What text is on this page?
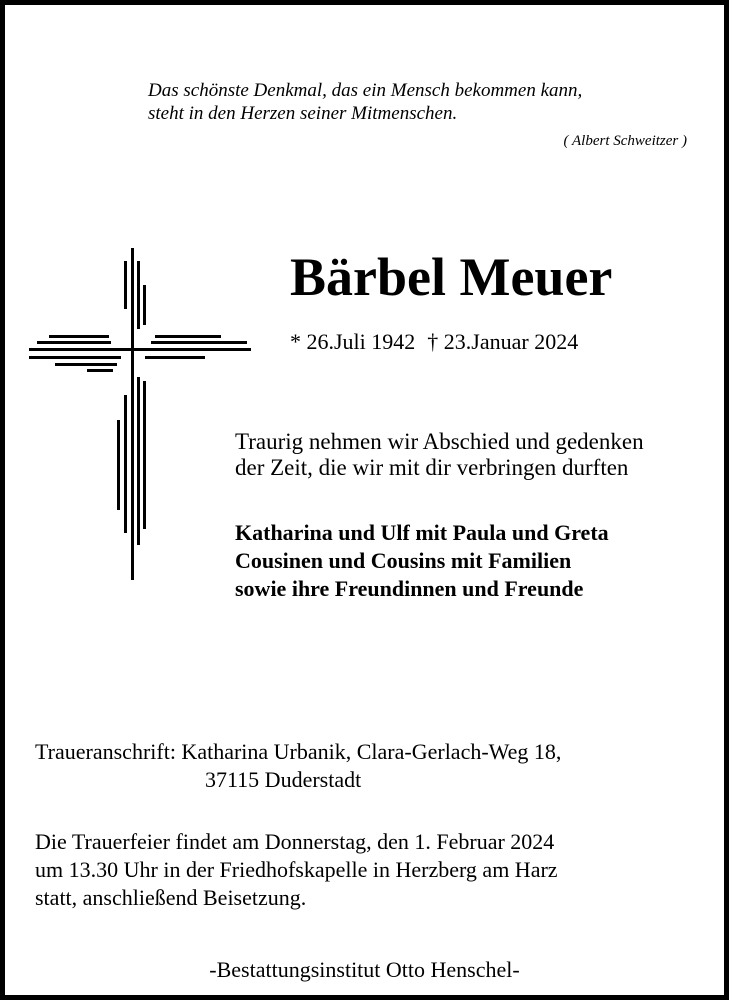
Das schönste Denkmal, das ein Mensch bekommen kann,
steht in den Herzen seiner Mitmenschen.
( Albert Schweitzer )
Bärbel Meuer
* 26.Juli 1942 † 23.Januar 2024
Traurig nehmen wir Abschied und gedenken
der Zeit, die wir mit dir verbringen durften
Katharina und Ulf mit Paula und Greta
Cousinen und Cousins mit Familien
sowie ihre Freundinnen und Freunde
Traueranschrift: Katharina Urbanik, Clara-Gerlach-Weg 18,
37115 Duderstadt
Die Trauerfeier findet am Donnerstag, den 1. Februar 2024
um 13.30 Uhr in der Friedhofskapelle in Herzberg am Harz
statt, anschließend Beisetzung.
-Bestattungsinstitut Otto Henschel-
